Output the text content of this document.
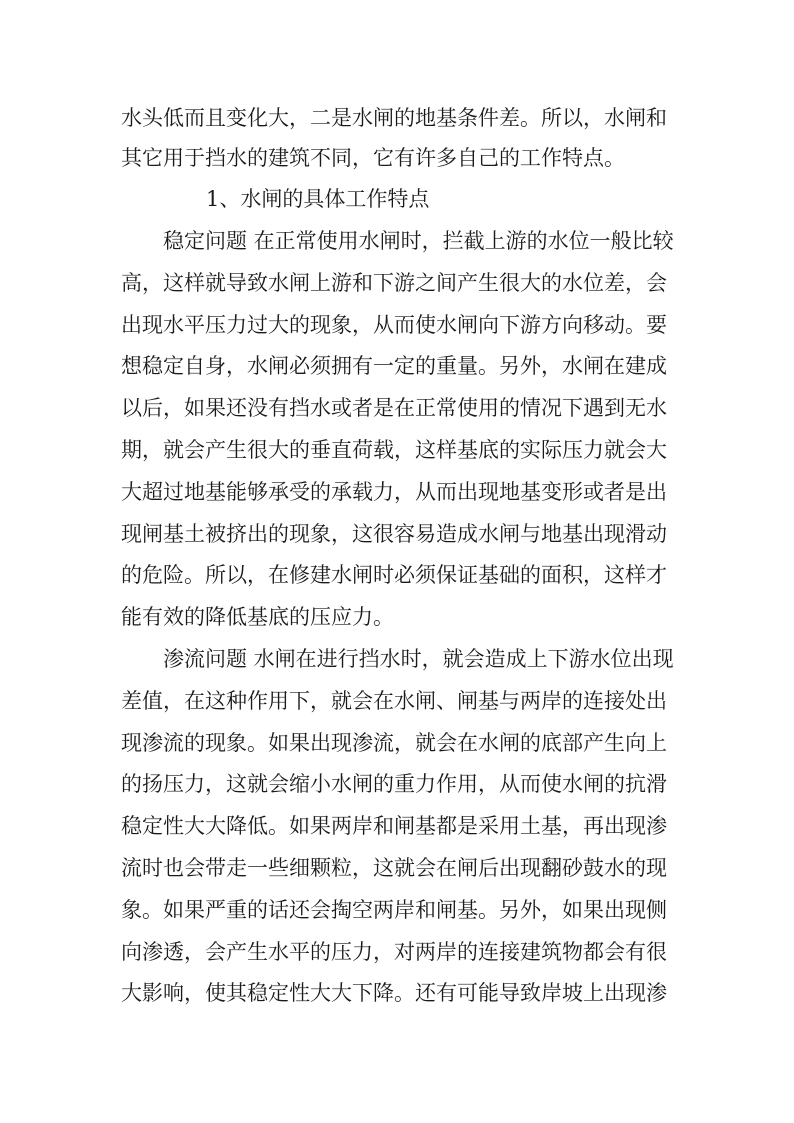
水头低而且变化大，二是水闸的地基条件差。所以，水闸和
其它用于挡水的建筑不同，它有许多自己的工作特点。
1、水闸的具体工作特点
稳定问题 在正常使用水闸时，拦截上游的水位一般比较
高，这样就导致水闸上游和下游之间产生很大的水位差，会
出现水平压力过大的现象，从而使水闸向下游方向移动。要
想稳定自身，水闸必须拥有一定的重量。另外，水闸在建成
以后，如果还没有挡水或者是在正常使用的情况下遇到无水
期，就会产生很大的垂直荷载，这样基底的实际压力就会大
大超过地基能够承受的承载力，从而出现地基变形或者是出
现闸基土被挤出的现象，这很容易造成水闸与地基出现滑动
的危险。所以，在修建水闸时必须保证基础的面积，这样才
能有效的降低基底的压应力。
渗流问题 水闸在进行挡水时，就会造成上下游水位出现
差值，在这种作用下，就会在水闸、闸基与两岸的连接处出
现渗流的现象。如果出现渗流，就会在水闸的底部产生向上
的扬压力，这就会缩小水闸的重力作用，从而使水闸的抗滑
稳定性大大降低。如果两岸和闸基都是采用土基，再出现渗
流时也会带走一些细颗粒，这就会在闸后出现翻砂鼓水的现
象。如果严重的话还会掏空两岸和闸基。另外，如果出现侧
向渗透，会产生水平的压力，对两岸的连接建筑物都会有很
大影响，使其稳定性大大下降。还有可能导致岸坡上出现渗
